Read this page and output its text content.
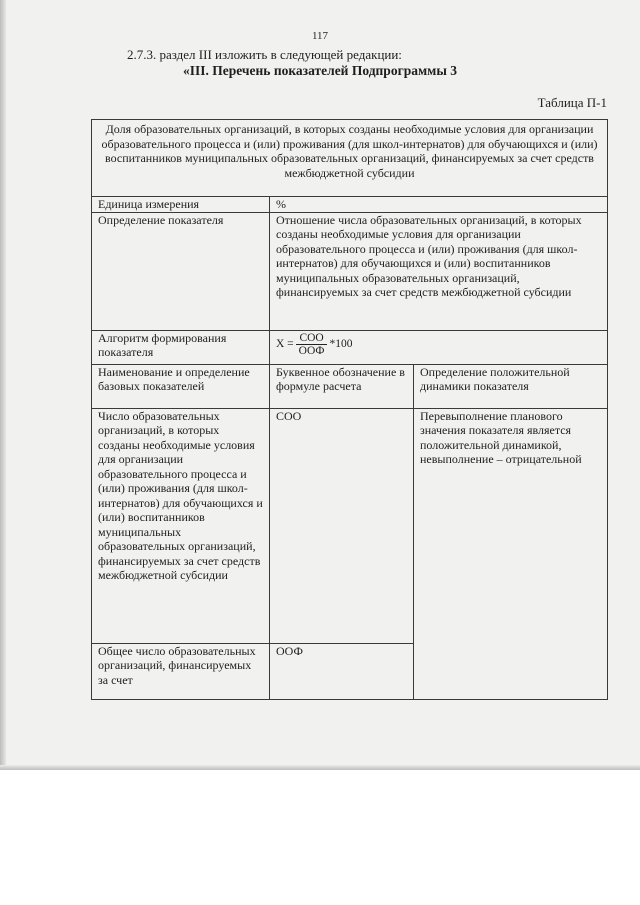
117
2.7.3. раздел III изложить в следующей редакции:
«III. Перечень показателей Подпрограммы 3
Таблица П-1
Доля образовательных организаций, в которых созданы необходимые условия для организации образовательного процесса и (или) проживания (для школ-интернатов) для обучающихся и (или) воспитанников муниципальных образовательных организаций, финансируемых за счет средств межбюджетной субсидии		
Единица измерения	%	
Определение показателя	Отношение числа образовательных организаций, в которых созданы необходимые условия для организации образовательного процесса и (или) проживания (для школ-интернатов) для обучающихся и (или) воспитанников муниципальных образовательных организаций, финансируемых за счет средств межбюджетной субсидии	
Алгоритм формирования показателя	$X = \frac{\text{СОО}}{\text{ООФ}} *100$	

Наименование и определение базовых показателей	Буквенное обозначение в формуле расчета	Определение положительной динамики показателя
Число образовательных организаций, в которых созданы необходимые условия для организации образовательного процесса и (или) проживания (для школ-интернатов) для обучающихся и (или) воспитанников муниципальных образовательных организаций, финансируемых за счет средств межбюджетной субсидии	СОО	Перевыполнение планового значения показателя является положительной динамикой, невыполнение – отрицательной
Общее число образовательных организаций, финансируемых за счет	ООФ	
